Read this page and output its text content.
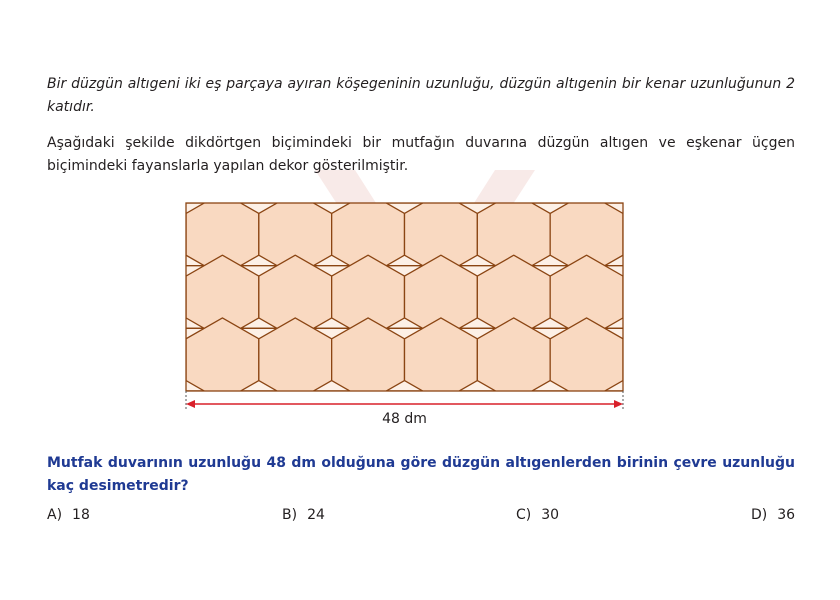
Bir düzgün altıgeni iki eş parçaya ayıran köşegeninin uzunluğu, düzgün altıgenin bir kenar uzunluğunun 2 katıdır.

Aşağıdaki şekilde dikdörtgen biçimindeki bir mutfağın duvarına düzgün altıgen ve eşkenar üçgen biçimindeki fayanslarla yapılan dekor gösterilmiştir.

48 dm

Mutfak duvarının uzunluğu 48 dm olduğuna göre düzgün altıgenlerden birinin çevre uzunluğu kaç desimetredir?

A) 18	B) 24	C) 30	D) 36
